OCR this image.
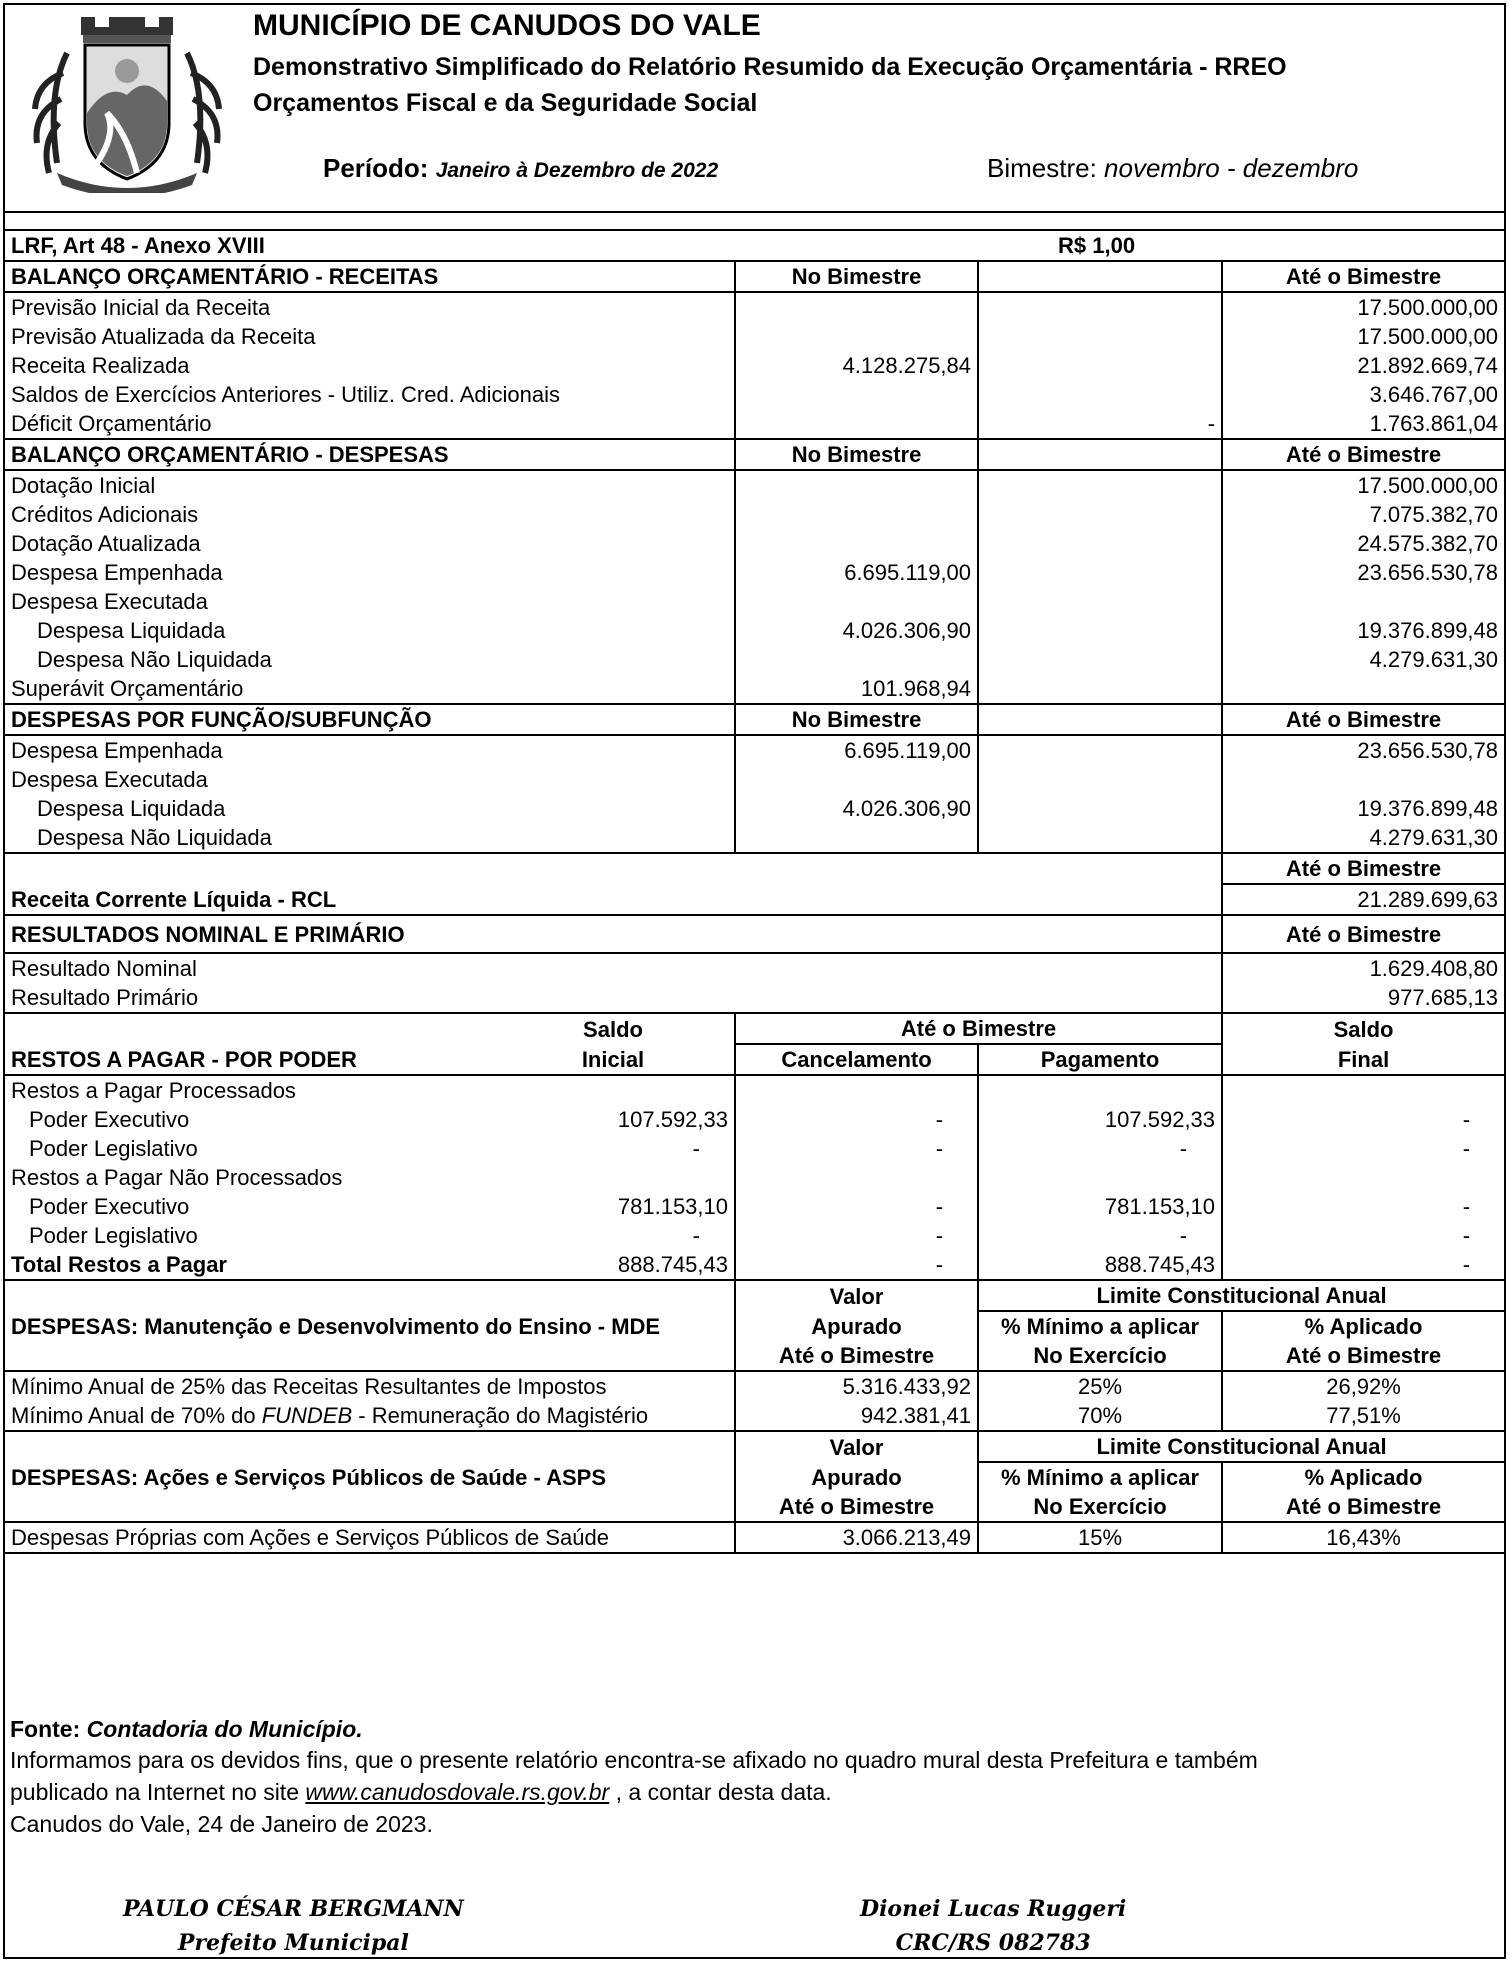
MUNICÍPIO DE CANUDOS DO VALE
Demonstrativo Simplificado do Relatório Resumido da Execução Orçamentária - RREO
Orçamentos Fiscal e da Seguridade Social
Período: Janeiro à Dezembro de 2022	Bimestre: novembro - dezembro
LRF, Art 48 - Anexo XVIII			R$ 1,00	
BALANÇO ORÇAMENTÁRIO - RECEITAS		No Bimestre		Até o Bimestre
Previsão Inicial da Receita				17.500.000,00
Previsão Atualizada da Receita				17.500.000,00
Receita Realizada		4.128.275,84		21.892.669,74
Saldos de Exercícios Anteriores - Utiliz. Cred. Adicionais				3.646.767,00
Déficit Orçamentário			-	1.763.861,04
BALANÇO ORÇAMENTÁRIO - DESPESAS		No Bimestre		Até o Bimestre
Dotação Inicial				17.500.000,00
Créditos Adicionais				7.075.382,70
Dotação Atualizada				24.575.382,70
Despesa Empenhada		6.695.119,00		23.656.530,78
Despesa Executada				
Despesa Liquidada		4.026.306,90		19.376.899,48
Despesa Não Liquidada				4.279.631,30
Superávit Orçamentário		101.968,94		
DESPESAS POR FUNÇÃO/SUBFUNÇÃO		No Bimestre		Até o Bimestre
Despesa Empenhada		6.695.119,00		23.656.530,78
Despesa Executada				
Despesa Liquidada		4.026.306,90		19.376.899,48
Despesa Não Liquidada				4.279.631,30
				Até o Bimestre
Receita Corrente Líquida - RCL				21.289.699,63
RESULTADOS NOMINAL E PRIMÁRIO				Até o Bimestre
Resultado Nominal				1.629.408,80
Resultado Primário				977.685,13
	Saldo	Até o Bimestre		Saldo
RESTOS A PAGAR - POR PODER	Inicial	Cancelamento	Pagamento	Final
Restos a Pagar Processados				
Poder Executivo	107.592,33	-	107.592,33	-
Poder Legislativo	-	-	-	-
Restos a Pagar Não Processados				
Poder Executivo	781.153,10	-	781.153,10	-
Poder Legislativo	-	-	-	-
Total Restos a Pagar	888.745,43	-	888.745,43	-
		Valor	Limite Constitucional Anual	
DESPESAS: Manutenção e Desenvolvimento do Ensino - MDE		Apurado	% Mínimo a aplicar	% Aplicado
		Até o Bimestre	No Exercício	Até o Bimestre
Mínimo Anual de 25% das Receitas Resultantes de Impostos		5.316.433,92	25%	26,92%
Mínimo Anual de 70% do FUNDEB - Remuneração do Magistério		942.381,41	70%	77,51%
		Valor	Limite Constitucional Anual	
DESPESAS: Ações e Serviços Públicos de Saúde - ASPS		Apurado	% Mínimo a aplicar	% Aplicado
		Até o Bimestre	No Exercício	Até o Bimestre
Despesas Próprias com Ações e Serviços Públicos de Saúde		3.066.213,49	15%	16,43%
Fonte: Contadoria do Município.
Informamos para os devidos fins, que o presente relatório encontra-se afixado no quadro mural desta Prefeitura e também
publicado na Internet no site www.canudosdovale.rs.gov.br , a contar desta data.
Canudos do Vale, 24 de Janeiro de 2023.
PAULO CÉSAR BERGMANN
Prefeito Municipal
Dionei Lucas Ruggeri
CRC/RS 082783
